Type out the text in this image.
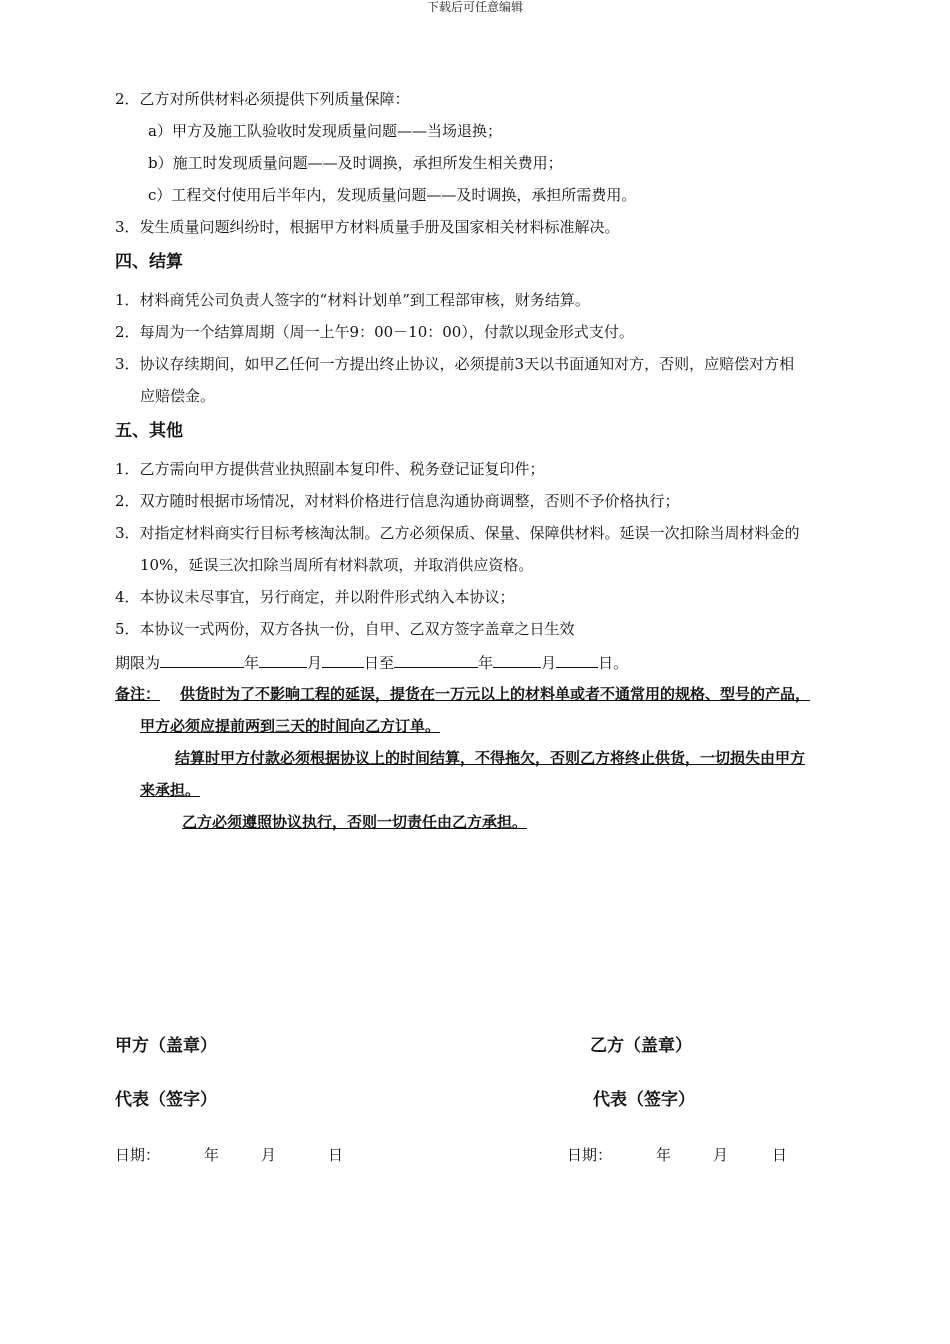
下载后可任意编辑
2．乙方对所供材料必须提供下列质量保障：
a）甲方及施工队验收时发现质量问题——当场退换；
b）施工时发现质量问题——及时调换，承担所发生相关费用；
c）工程交付使用后半年内，发现质量问题——及时调换，承担所需费用。
3．发生质量问题纠纷时，根据甲方材料质量手册及国家相关材料标准解决。
四、结算
1．材料商凭公司负责人签字的“材料计划单”到工程部审核，财务结算。
2．每周为一个结算周期（周一上午9：00－10：00），付款以现金形式支付。
3．协议存续期间，如甲乙任何一方提出终止协议，必须提前3天以书面通知对方，否则，应赔偿对方相
应赔偿金。
五、其他
1．乙方需向甲方提供营业执照副本复印件、税务登记证复印件；
2．双方随时根据市场情况，对材料价格进行信息沟通协商调整，否则不予价格执行；
3．对指定材料商实行目标考核淘汰制。乙方必须保质、保量、保障供材料。延误一次扣除当周材料金的
10%，延误三次扣除当周所有材料款项，并取消供应资格。
4．本协议未尽事宜，另行商定，并以附件形式纳入本协议；
5．本协议一式两份，双方各执一份，自甲、乙双方签字盖章之日生效
期限为	年	月	日至	年	月	日。
备注： 供货时为了不影响工程的延误，提货在一万元以上的材料单或者不通常用的规格、型号的产品，
甲方必须应提前两到三天的时间向乙方订单。
结算时甲方付款必须根据协议上的时间结算，不得拖欠，否则乙方将终止供货，一切损失由甲方
来承担。
乙方必须遵照协议执行，否则一切责任由乙方承担。
甲方（盖章）	乙方（盖章）
代表（签字）	代表（签字）
日期：	年	月	日	日期：	年	月	日
